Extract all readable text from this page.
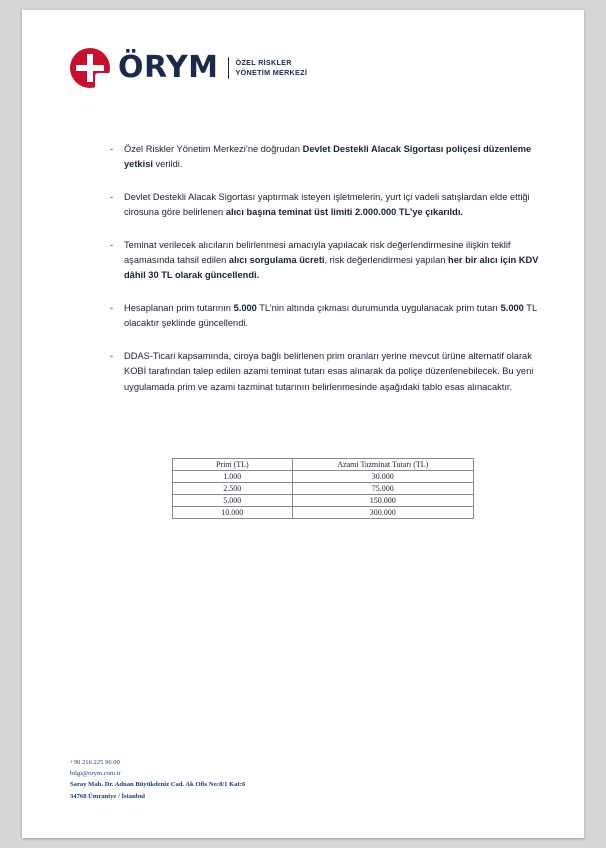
ÖRYM ÖZEL RİSKLER
YÖNETİM MERKEZİ
-	Özel Riskler Yönetim Merkezi’ne doğrudan Devlet Destekli Alacak Sigortası poliçesi düzenleme yetkisi verildi.
-	Devlet Destekli Alacak Sigortası yaptırmak isteyen işletmelerin, yurt içi vadeli satışlardan elde ettiği cirosuna göre belirlenen alıcı başına teminat üst limiti 2.000.000 TL’ye çıkarıldı.
-	Teminat verilecek alıcıların belirlenmesi amacıyla yapılacak risk değerlendirmesine ilişkin teklif aşamasında tahsil edilen alıcı sorgulama ücreti, risk değerlendirmesi yapılan her bir alıcı için KDV dâhil 30 TL olarak güncellendi.
-	Hesaplanan prim tutarının 5.000 TL’nin altında çıkması durumunda uygulanacak prim tutarı 5.000 TL olacaktır şeklinde güncellendi.
-	DDAS-Ticari kapsamında, ciroya bağlı belirlenen prim oranları yerine mevcut ürüne alternatif olarak KOBİ tarafından talep edilen azami teminat tutarı esas alınarak da poliçe düzenlenebilecek. Bu yeni uygulamada prim ve azami tazminat tutarının belirlenmesinde aşağıdaki tablo esas alınacaktır.
Prim (TL)	Azami Tazminat Tutarı (TL)
1.000	30.000
2.500	75.000
5.000	150.000
10.000	300.000
+90 216 225 96 00
bilgi@orym.com.tr
Saray Mah. Dr. Adnan Büyükdeniz Cad. Ak Ofis No:8/1 Kat:6
34768 Ümraniye / İstanbul
